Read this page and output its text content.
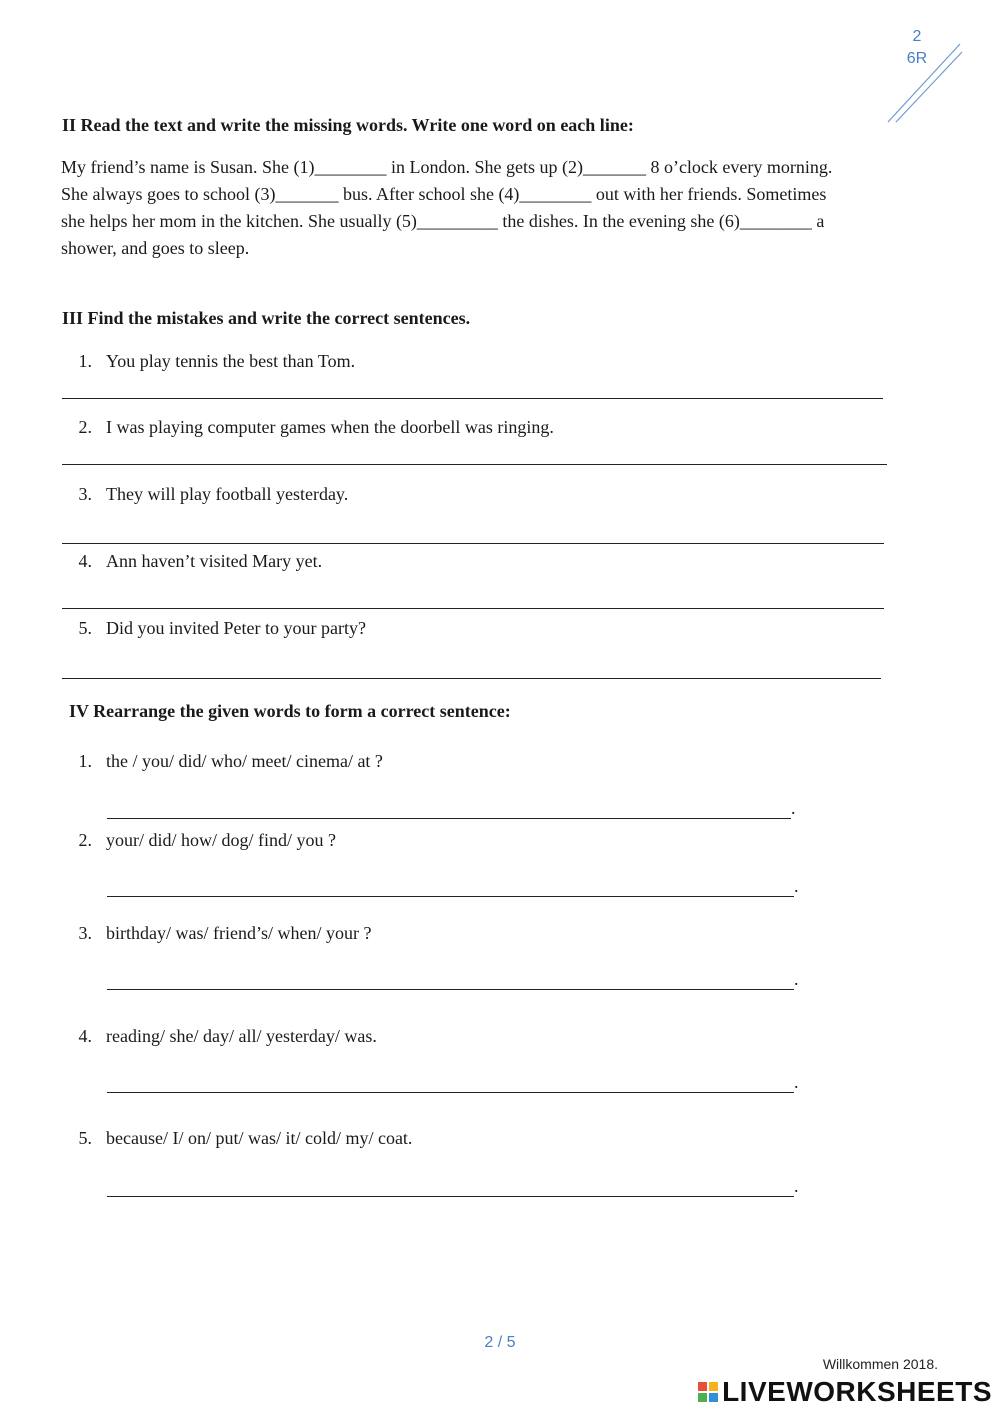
2
6R
II Read the text and write the missing words. Write one word on each line:
My friend’s name is Susan. She (1)________ in London. She gets up (2)_______ 8 o’clock every morning.
She always goes to school (3)_______ bus. After school she (4)________ out with her friends. Sometimes
she helps her mom in the kitchen. She usually (5)_________ the dishes. In the evening she (6)________ a
shower, and goes to sleep.
III Find the mistakes and write the correct sentences.
1. You play tennis the best than Tom.
2. I was playing computer games when the doorbell was ringing.
3. They will play football yesterday.
4. Ann haven’t visited Mary yet.
5. Did you invited Peter to your party?
IV Rearrange the given words to form a correct sentence:
1. the / you/ did/ who/ meet/ cinema/ at ?
.
2. your/ did/ how/ dog/ find/ you ?
.
3. birthday/ was/ friend’s/ when/ your ?
.
4. reading/ she/ day/ all/ yesterday/ was.
.
5. because/ I/ on/ put/ was/ it/ cold/ my/ coat.
.
2 / 5
Willkommen 2018.
LIVEWORKSHEETS
